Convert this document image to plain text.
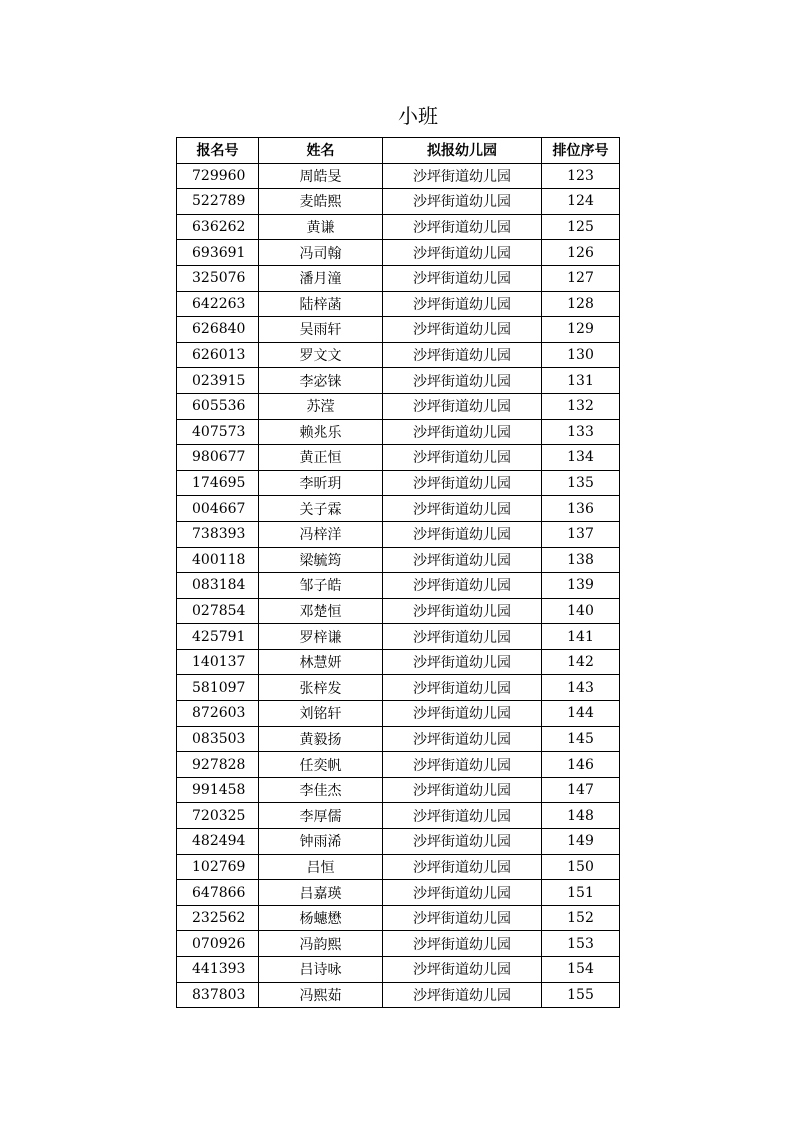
小班
报名号	姓名	拟报幼儿园	排位序号
729960	周皓旻	沙坪街道幼儿园	123
522789	麦皓熙	沙坪街道幼儿园	124
636262	黄谦	沙坪街道幼儿园	125
693691	冯司翰	沙坪街道幼儿园	126
325076	潘月潼	沙坪街道幼儿园	127
642263	陆梓菡	沙坪街道幼儿园	128
626840	吴雨轩	沙坪街道幼儿园	129
626013	罗文文	沙坪街道幼儿园	130
023915	李宓铼	沙坪街道幼儿园	131
605536	苏滢	沙坪街道幼儿园	132
407573	赖兆乐	沙坪街道幼儿园	133
980677	黄正恒	沙坪街道幼儿园	134
174695	李昕玥	沙坪街道幼儿园	135
004667	关子霖	沙坪街道幼儿园	136
738393	冯梓洋	沙坪街道幼儿园	137
400118	梁毓筠	沙坪街道幼儿园	138
083184	邹子皓	沙坪街道幼儿园	139
027854	邓楚恒	沙坪街道幼儿园	140
425791	罗梓谦	沙坪街道幼儿园	141
140137	林慧妍	沙坪街道幼儿园	142
581097	张梓发	沙坪街道幼儿园	143
872603	刘铭轩	沙坪街道幼儿园	144
083503	黄毅扬	沙坪街道幼儿园	145
927828	任奕帆	沙坪街道幼儿园	146
991458	李佳杰	沙坪街道幼儿园	147
720325	李厚儒	沙坪街道幼儿园	148
482494	钟雨浠	沙坪街道幼儿园	149
102769	吕恒	沙坪街道幼儿园	150
647866	吕嘉瑛	沙坪街道幼儿园	151
232562	杨蟪懋	沙坪街道幼儿园	152
070926	冯韵熙	沙坪街道幼儿园	153
441393	吕诗咏	沙坪街道幼儿园	154
837803	冯熙茹	沙坪街道幼儿园	155
